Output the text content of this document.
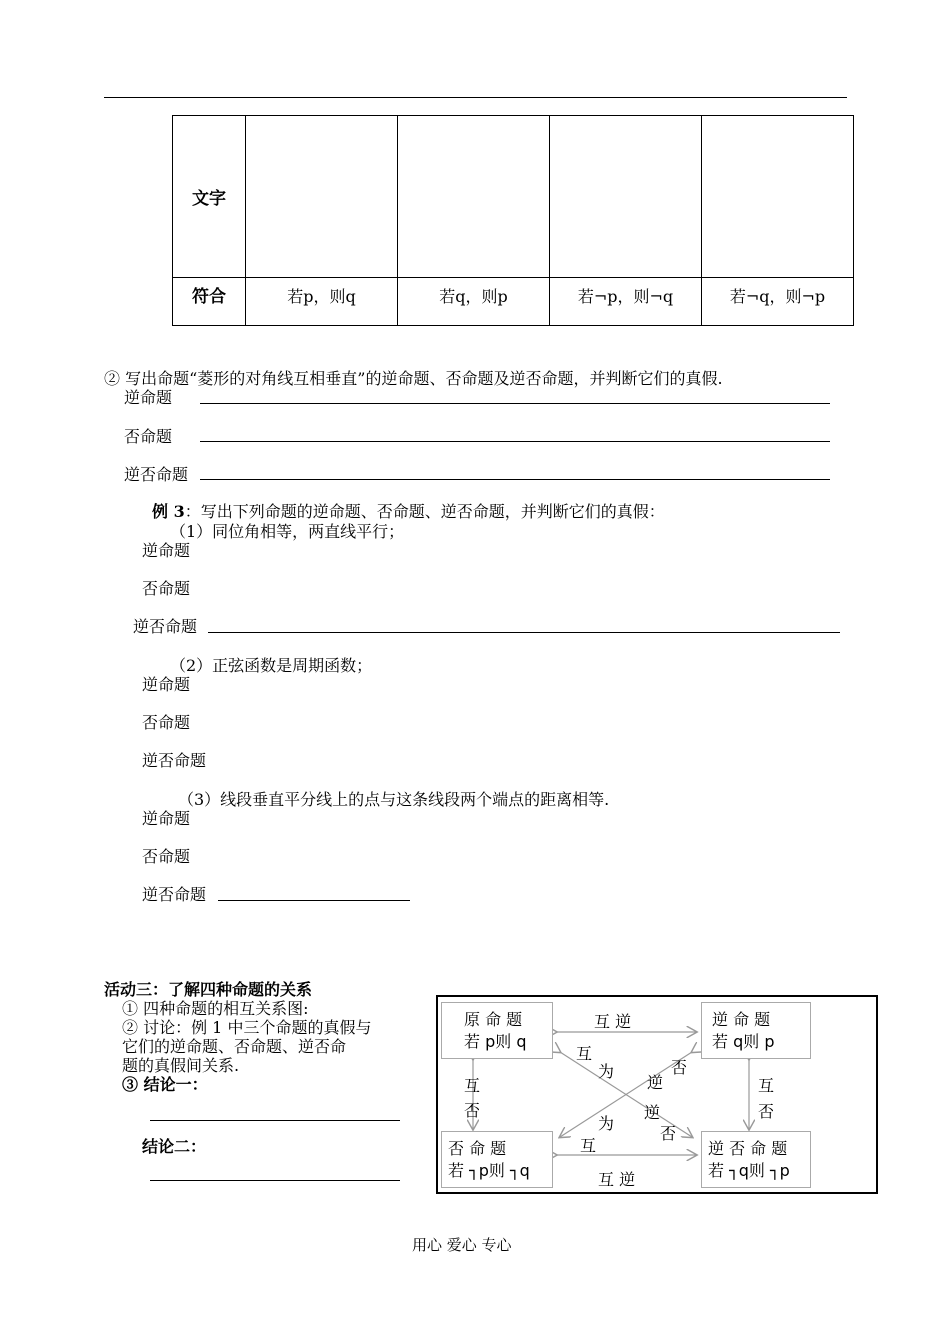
文字				
符合	若p，则q	若q，则p	若¬p，则¬q	若¬q，则¬p
② 写出命题“菱形的对角线互相垂直”的逆命题、否命题及逆否命题，并判断它们的真假.
逆命题
否命题
逆否命题
例 3：写出下列命题的逆命题、否命题、逆否命题，并判断它们的真假：
（1）同位角相等，两直线平行；
逆命题
否命题
逆否命题
（2）正弦函数是周期函数；
逆命题
否命题
逆否命题
（3）线段垂直平分线上的点与这条线段两个端点的距离相等.
逆命题
否命题
逆否命题
活动三：了解四种命题的关系
① 四种命题的相互关系图:
② 讨论：例 1 中三个命题的真假与
它们的逆命题、否命题、逆否命
题的真假间关系.
③ 结论一：
结论二：
原 命 题
若 p则 q
逆 命 题
若 q则 p
否 命 题
若 ┐p则 ┐q
逆 否 命 题
若 ┐q则 ┐p
互 逆
互 逆
互
否
互
否
互
为
逆
否
否
逆
为
互
用心 爱心 专心
